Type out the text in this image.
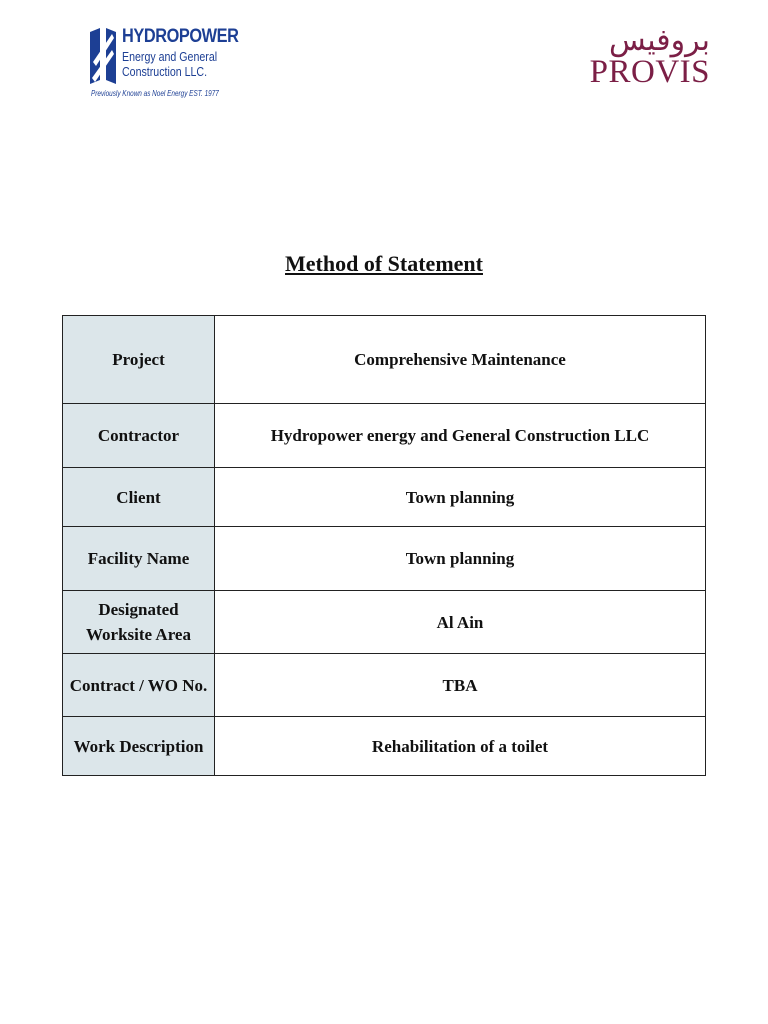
HYDROPOWER
Energy and General
Construction LLC.
Previously Known as Noel Energy EST. 1977
بروفيس
PROVIS
Method of Statement
Project	Comprehensive Maintenance
Contractor	Hydropower energy and General Construction LLC
Client	Town planning
Facility Name	Town planning
Designated Worksite Area	Al Ain
Contract / WO No.	TBA
Work Description	Rehabilitation of a toilet
